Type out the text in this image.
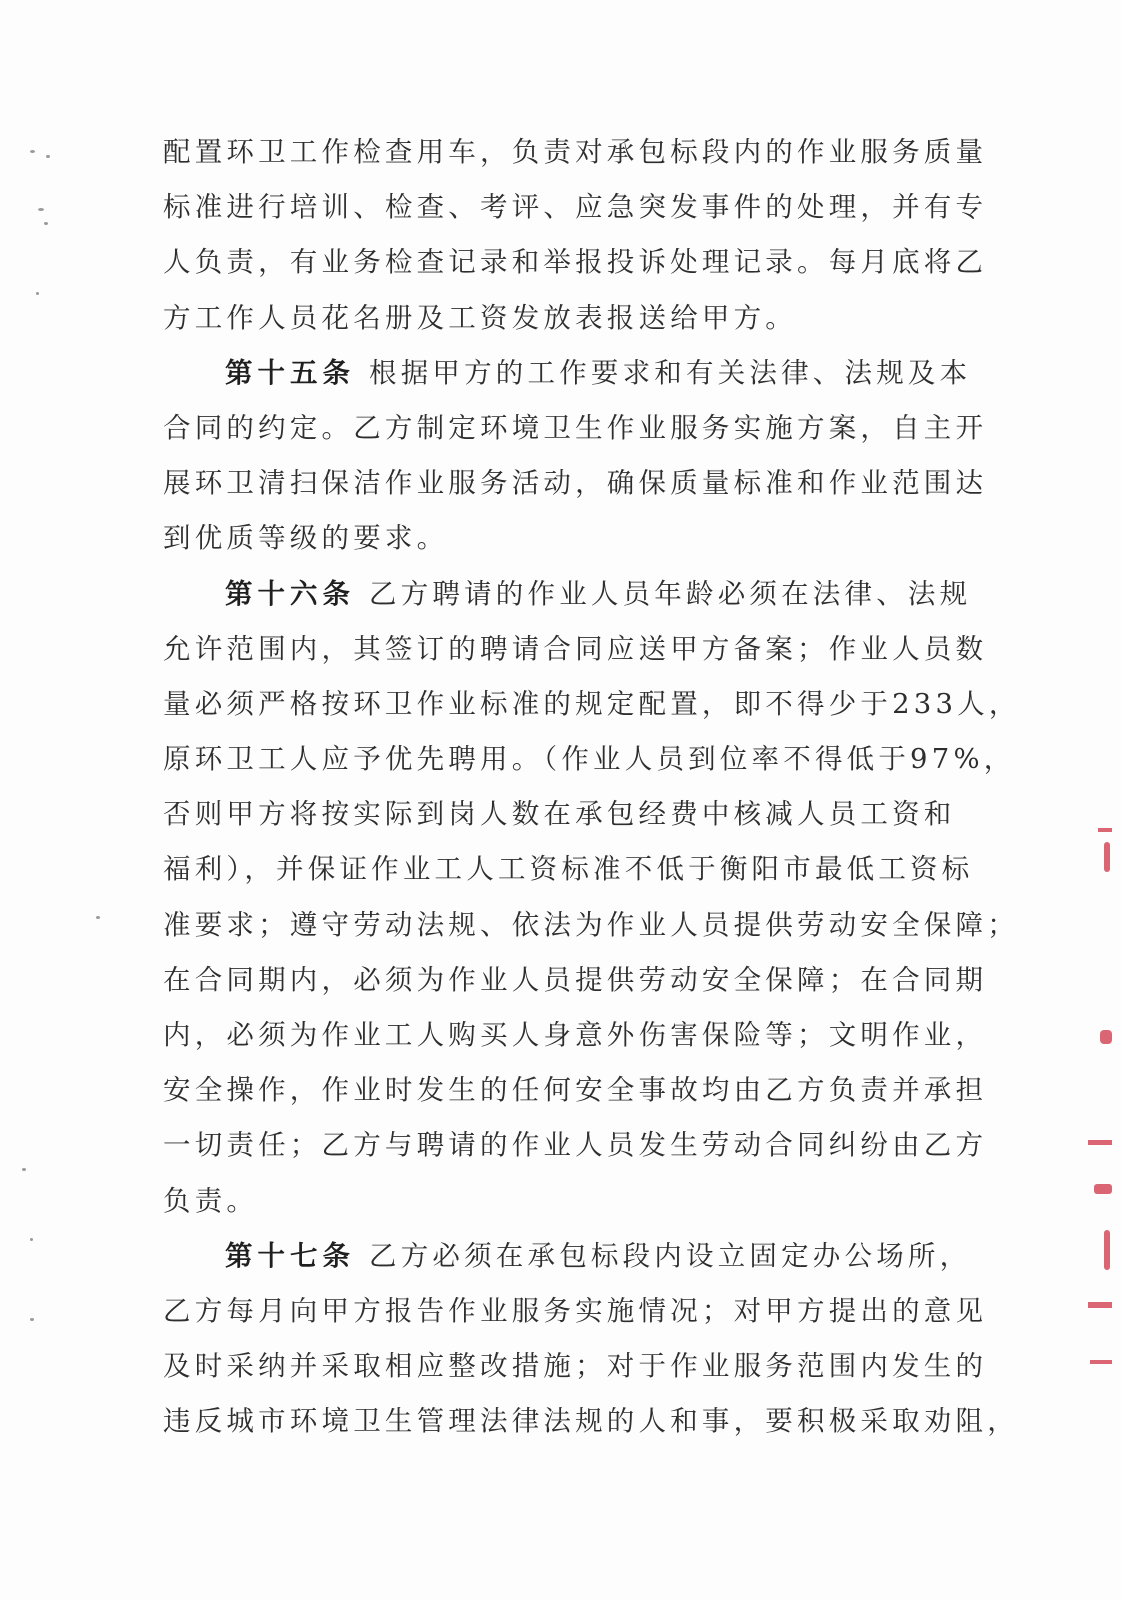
配置环卫工作检查用车，负责对承包标段内的作业服务质量
标准进行培训、检查、考评、应急突发事件的处理，并有专
人负责，有业务检查记录和举报投诉处理记录。每月底将乙
方工作人员花名册及工资发放表报送给甲方。
第十五条 根据甲方的工作要求和有关法律、法规及本
合同的约定。乙方制定环境卫生作业服务实施方案，自主开
展环卫清扫保洁作业服务活动，确保质量标准和作业范围达
到优质等级的要求。
第十六条 乙方聘请的作业人员年龄必须在法律、法规
允许范围内，其签订的聘请合同应送甲方备案；作业人员数
量必须严格按环卫作业标准的规定配置，即不得少于233人，
原环卫工人应予优先聘用。（作业人员到位率不得低于97%，
否则甲方将按实际到岗人数在承包经费中核减人员工资和
福利），并保证作业工人工资标准不低于衡阳市最低工资标
准要求；遵守劳动法规、依法为作业人员提供劳动安全保障；
在合同期内，必须为作业人员提供劳动安全保障；在合同期
内，必须为作业工人购买人身意外伤害保险等；文明作业，
安全操作，作业时发生的任何安全事故均由乙方负责并承担
一切责任；乙方与聘请的作业人员发生劳动合同纠纷由乙方
负责。
第十七条 乙方必须在承包标段内设立固定办公场所，
乙方每月向甲方报告作业服务实施情况；对甲方提出的意见
及时采纳并采取相应整改措施；对于作业服务范围内发生的
违反城市环境卫生管理法律法规的人和事，要积极采取劝阻，
